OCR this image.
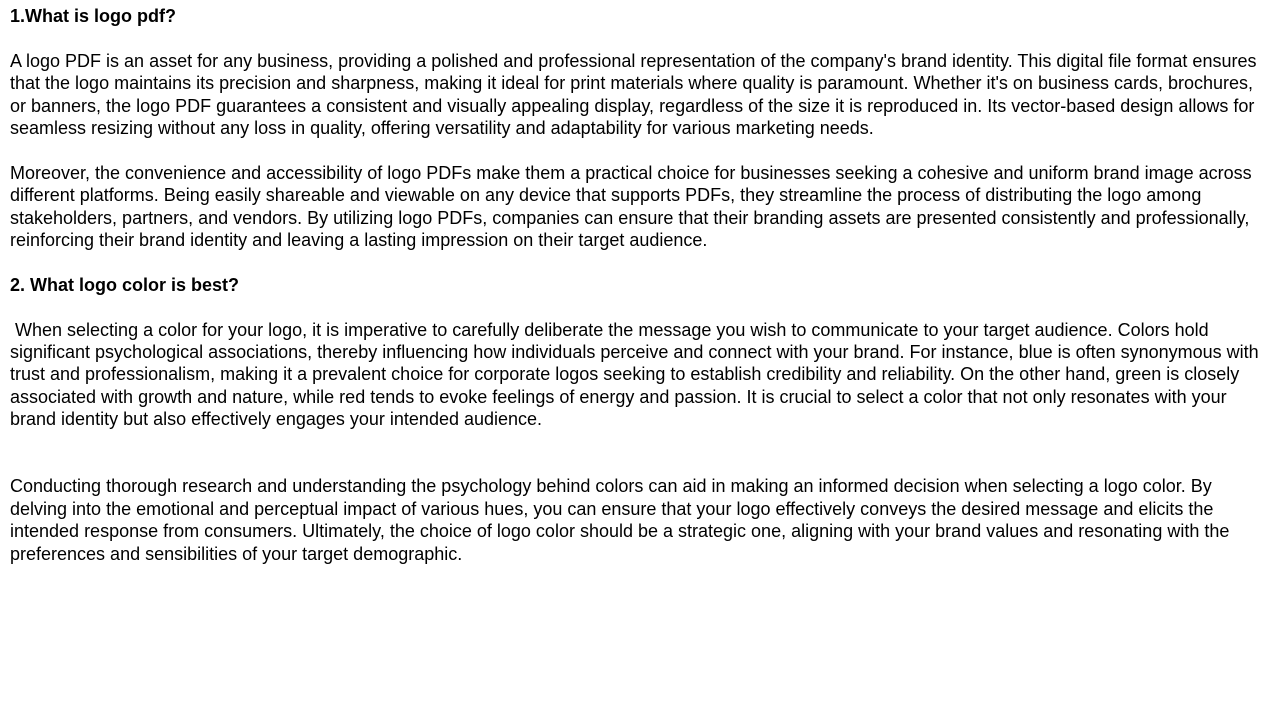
1.What is logo pdf?

A logo PDF is an asset for any business, providing a polished and professional representation of the company's brand identity. This digital file format ensures that the logo maintains its precision and sharpness, making it ideal for print materials where quality is paramount. Whether it's on business cards, brochures, or banners, the logo PDF guarantees a consistent and visually appealing display, regardless of the size it is reproduced in. Its vector-based design allows for seamless resizing without any loss in quality, offering versatility and adaptability for various marketing needs.

Moreover, the convenience and accessibility of logo PDFs make them a practical choice for businesses seeking a cohesive and uniform brand image across different platforms. Being easily shareable and viewable on any device that supports PDFs, they streamline the process of distributing the logo among stakeholders, partners, and vendors. By utilizing logo PDFs, companies can ensure that their branding assets are presented consistently and professionally, reinforcing their brand identity and leaving a lasting impression on their target audience.

2. What logo color is best?

When selecting a color for your logo, it is imperative to carefully deliberate the message you wish to communicate to your target audience. Colors hold significant psychological associations, thereby influencing how individuals perceive and connect with your brand. For instance, blue is often synonymous with trust and professionalism, making it a prevalent choice for corporate logos seeking to establish credibility and reliability. On the other hand, green is closely associated with growth and nature, while red tends to evoke feelings of energy and passion. It is crucial to select a color that not only resonates with your brand identity but also effectively engages your intended audience.

Conducting thorough research and understanding the psychology behind colors can aid in making an informed decision when selecting a logo color. By delving into the emotional and perceptual impact of various hues, you can ensure that your logo effectively conveys the desired message and elicits the intended response from consumers. Ultimately, the choice of logo color should be a strategic one, aligning with your brand values and resonating with the preferences and sensibilities of your target demographic.
